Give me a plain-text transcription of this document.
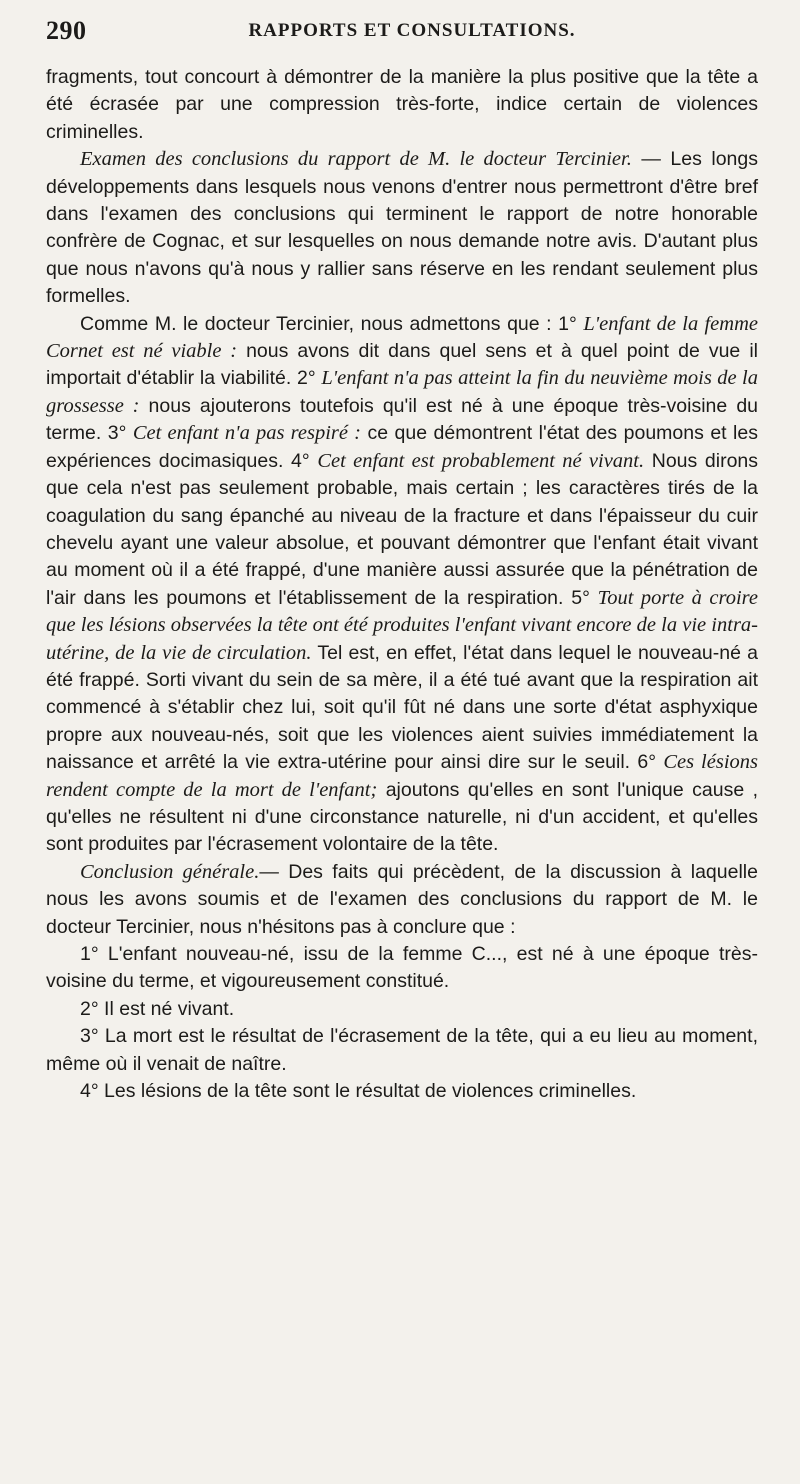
290	RAPPORTS ET CONSULTATIONS.

fragments, tout concourt à démontrer de la manière la plus positive que la tête a été écrasée par une compression très-forte, indice certain de violences criminelles.

Examen des conclusions du rapport de M. le docteur Tercinier. — Les longs développements dans lesquels nous venons d'entrer nous permettront d'être bref dans l'examen des conclusions qui terminent le rapport de notre honorable confrère de Cognac, et sur lesquelles on nous demande notre avis. D'autant plus que nous n'avons qu'à nous y rallier sans réserve en les rendant seulement plus formelles.

Comme M. le docteur Tercinier, nous admettons que : 1° L'enfant de la femme Cornet est né viable : nous avons dit dans quel sens et à quel point de vue il importait d'établir la viabilité. 2° L'enfant n'a pas atteint la fin du neuvième mois de la grossesse : nous ajouterons toutefois qu'il est né à une époque très-voisine du terme. 3° Cet enfant n'a pas respiré : ce que démontrent l'état des poumons et les expériences docimasiques. 4° Cet enfant est probablement né vivant. Nous dirons que cela n'est pas seulement probable, mais certain ; les caractères tirés de la coagulation du sang épanché au niveau de la fracture et dans l'épaisseur du cuir chevelu ayant une valeur absolue, et pouvant démontrer que l'enfant était vivant au moment où il a été frappé, d'une manière aussi assurée que la pénétration de l'air dans les poumons et l'établissement de la respiration. 5° Tout porte à croire que les lésions observées la tête ont été produites l'enfant vivant encore de la vie intra-utérine, de la vie de circulation. Tel est, en effet, l'état dans lequel le nouveau-né a été frappé. Sorti vivant du sein de sa mère, il a été tué avant que la respiration ait commencé à s'établir chez lui, soit qu'il fût né dans une sorte d'état asphyxique propre aux nouveau-nés, soit que les violences aient suivies immédiatement la naissance et arrêté la vie extra-utérine pour ainsi dire sur le seuil. 6° Ces lésions rendent compte de la mort de l'enfant; ajoutons qu'elles en sont l'unique cause , qu'elles ne résultent ni d'une circonstance naturelle, ni d'un accident, et qu'elles sont produites par l'écrasement volontaire de la tête.

Conclusion générale.— Des faits qui précèdent, de la discussion à laquelle nous les avons soumis et de l'examen des conclusions du rapport de M. le docteur Tercinier, nous n'hésitons pas à conclure que :

1° L'enfant nouveau-né, issu de la femme C..., est né à une époque très-voisine du terme, et vigoureusement constitué.

2° Il est né vivant.

3° La mort est le résultat de l'écrasement de la tête, qui a eu lieu au moment, même où il venait de naître.

4° Les lésions de la tête sont le résultat de violences criminelles.
